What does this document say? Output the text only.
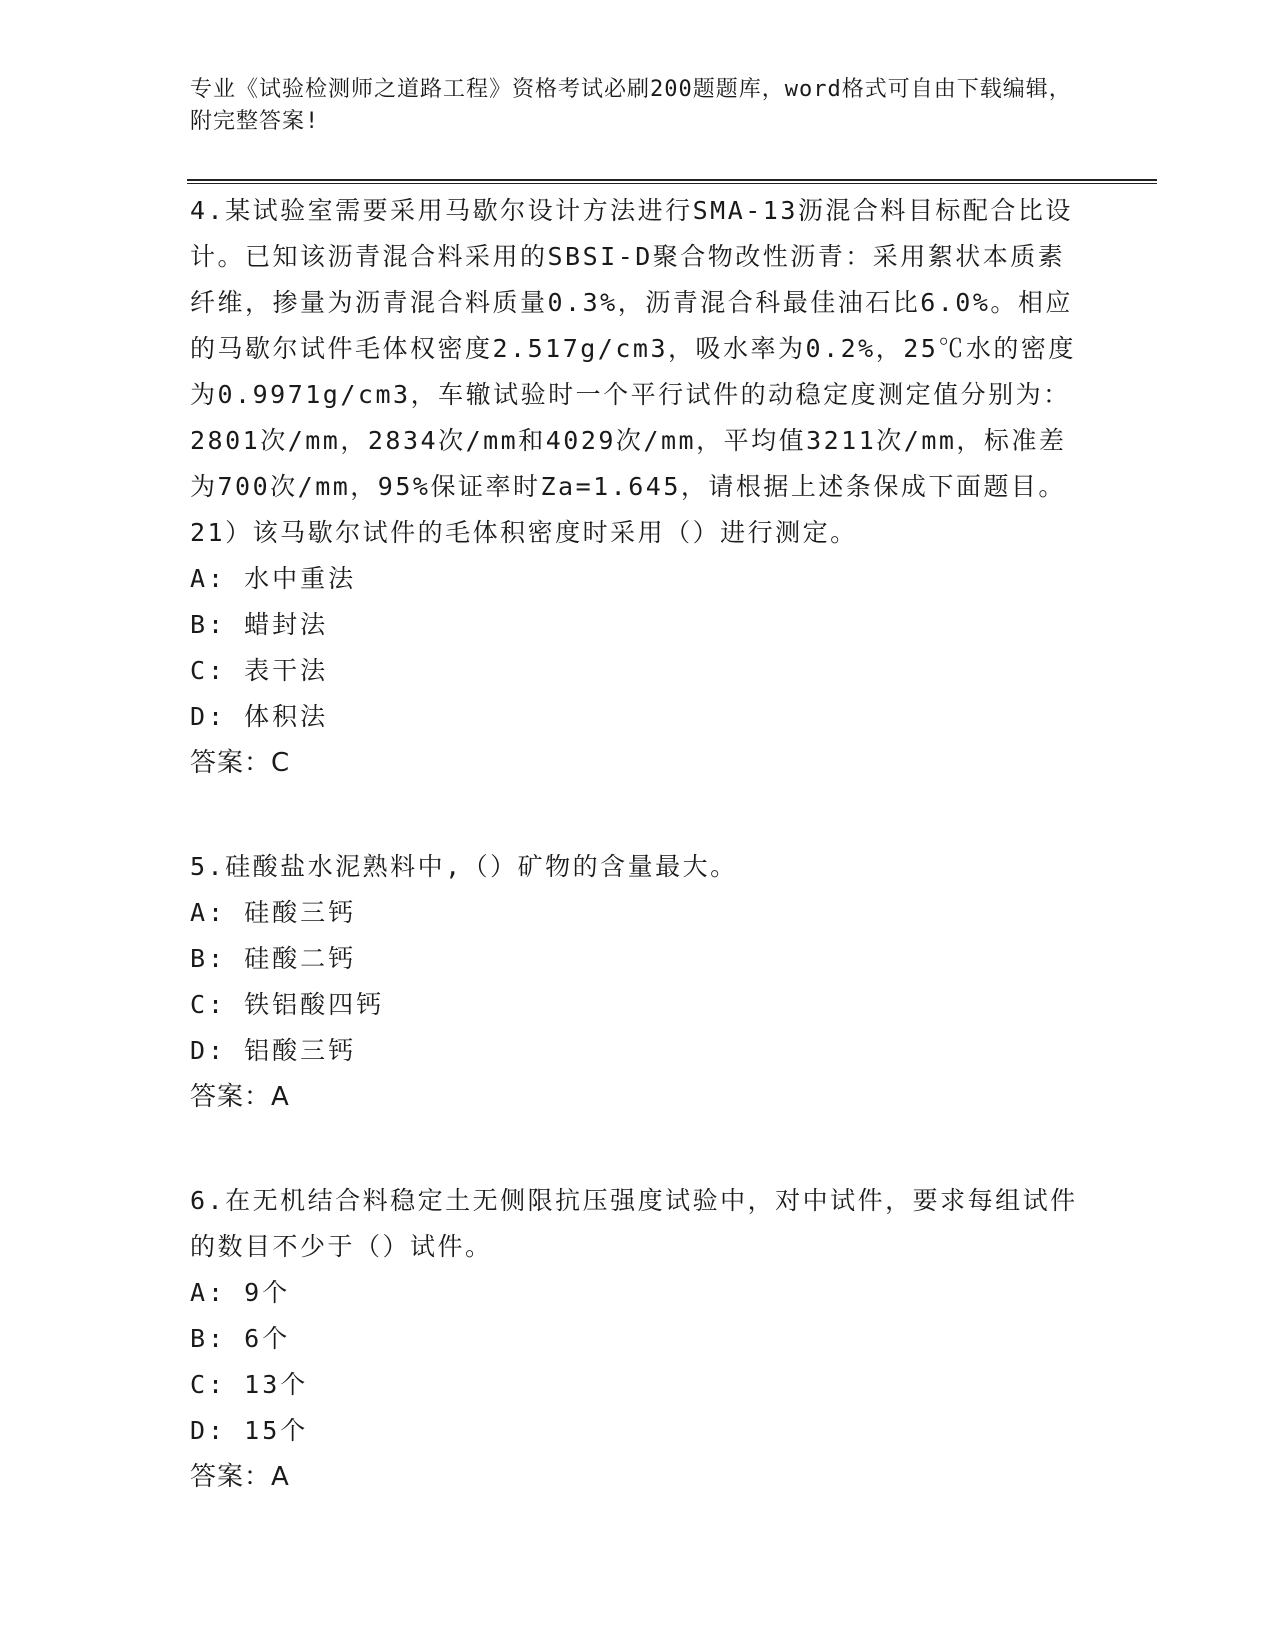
专业《试验检测师之道路工程》资格考试必刷200题题库，word格式可自由下载编辑，附完整答案!

4.某试验室需要采用马歇尔设计方法进行SMA-13沥混合料目标配合比设计。已知该沥青混合料采用的SBSI-D聚合物改性沥青：采用絮状本质素纤维，掺量为沥青混合料质量0.3%，沥青混合科最佳油石比6.0%。相应的马歇尔试件毛体权密度2.517g/cm3，吸水率为0.2%，25℃水的密度为0.9971g/cm3，车辙试验时一个平行试件的动稳定度测定值分别为：2801次/mm，2834次/mm和4029次/mm，平均值3211次/mm，标准差为700次/mm，95%保证率时Za=1.645，请根据上述条保成下面题目。21）该马歇尔试件的毛体积密度时采用（）进行测定。

A: 水中重法

B: 蜡封法

C: 表干法

D: 体积法

答案：C

5.硅酸盐水泥熟料中,（）矿物的含量最大。

A: 硅酸三钙

B: 硅酸二钙

C: 铁铝酸四钙

D: 铝酸三钙

答案：A

6.在无机结合料稳定土无侧限抗压强度试验中，对中试件，要求每组试件的数目不少于（）试件。

A: 9个

B: 6个

C: 13个

D: 15个

答案：A
